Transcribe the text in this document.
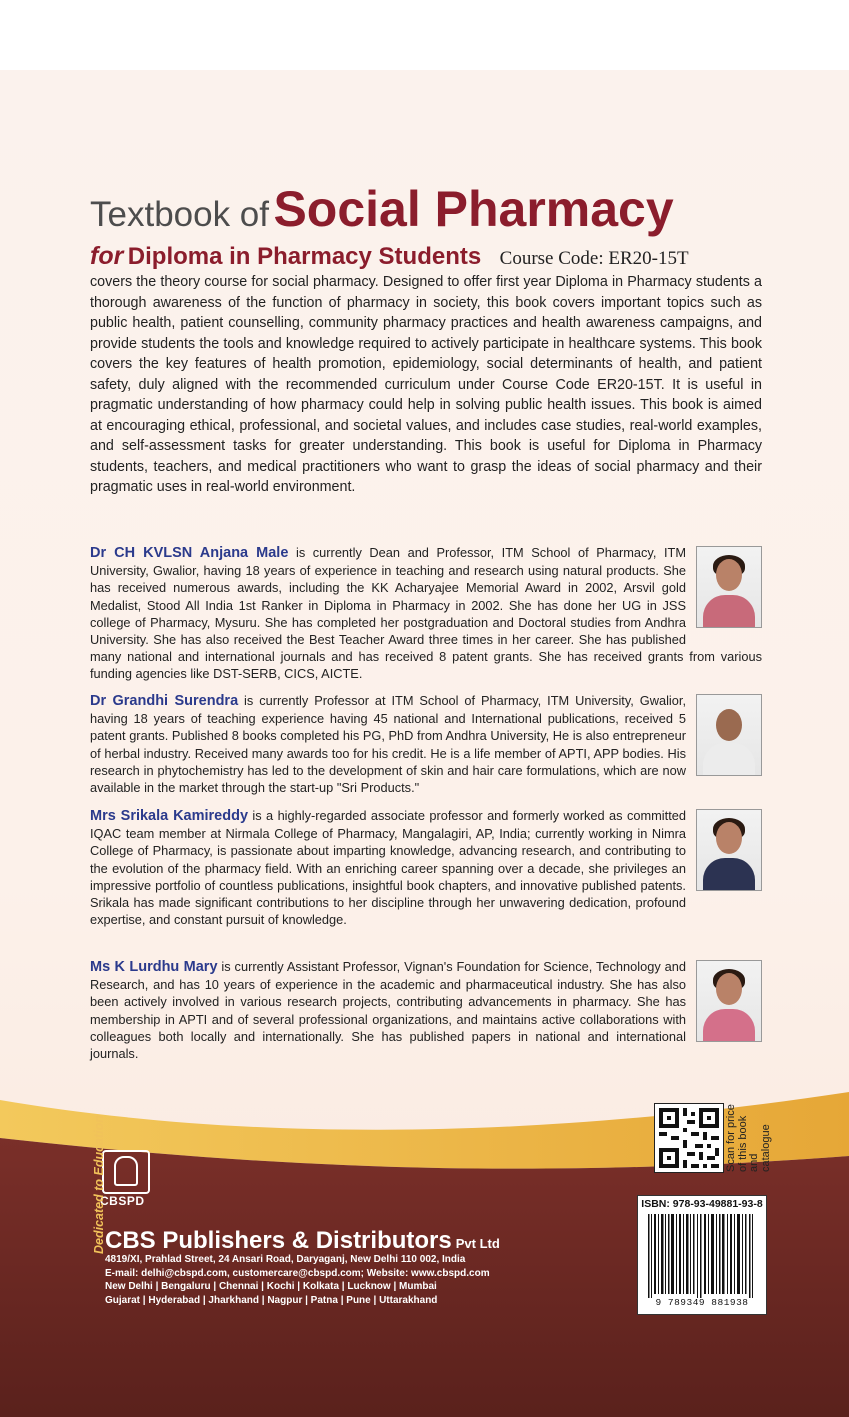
Textbook of Social Pharmacy
for Diploma in Pharmacy Students Course Code: ER20-15T

covers the theory course for social pharmacy. Designed to offer first year Diploma in Pharmacy students a thorough awareness of the function of pharmacy in society, this book covers important topics such as public health, patient counselling, community pharmacy practices and health awareness campaigns, and provide students the tools and knowledge required to actively participate in healthcare systems. This book covers the key features of health promotion, epidemiology, social determinants of health, and patient safety, duly aligned with the recommended curriculum under Course Code ER20-15T. It is useful in pragmatic understanding of how pharmacy could help in solving public health issues. This book is aimed at encouraging ethical, professional, and societal values, and includes case studies, real-world examples, and self-assessment tasks for greater understanding. This book is useful for Diploma in Pharmacy students, teachers, and medical practitioners who want to grasp the ideas of social pharmacy and their pragmatic uses in real-world environment.

Dr CH KVLSN Anjana Male is currently Dean and Professor, ITM School of Pharmacy, ITM University, Gwalior, having 18 years of experience in teaching and research using natural products. She has received numerous awards, including the KK Acharyajee Memorial Award in 2002, Arsvil gold Medalist, Stood All India 1st Ranker in Diploma in Pharmacy in 2002. She has done her UG in JSS college of Pharmacy, Mysuru. She has completed her postgraduation and Doctoral studies from Andhra University. She has also received the Best Teacher Award three times in her career. She has published many national and international journals and has received 8 patent grants. She has received grants from various funding agencies like DST-SERB, CICS, AICTE.

Dr Grandhi Surendra is currently Professor at ITM School of Pharmacy, ITM University, Gwalior, having 18 years of teaching experience having 45 national and International publications, received 5 patent grants. Published 8 books completed his PG, PhD from Andhra University, He is also entrepreneur of herbal industry. Received many awards too for his credit. He is a life member of APTI, APP bodies. His research in phytochemistry has led to the development of skin and hair care formulations, which are now available in the market through the start-up "Sri Products."

Mrs Srikala Kamireddy is a highly-regarded associate professor and formerly worked as committed IQAC team member at Nirmala College of Pharmacy, Mangalagiri, AP, India; currently working in Nimra College of Pharmacy, is passionate about imparting knowledge, advancing research, and contributing to the evolution of the pharmacy field. With an enriching career spanning over a decade, she privileges an impressive portfolio of countless publications, insightful book chapters, and innovative published patents. Srikala has made significant contributions to her discipline through her unwavering dedication, profound expertise, and constant pursuit of knowledge.

Ms K Lurdhu Mary is currently Assistant Professor, Vignan's Foundation for Science, Technology and Research, and has 10 years of experience in the academic and pharmaceutical industry. She has also been actively involved in various research projects, contributing advancements in pharmacy. She has membership in APTI and of several professional organizations, and maintains active collaborations with colleagues both locally and internationally. She has published papers in national and international journals.

CBSPD
Dedicated to Education CBS Publishers & Distributors Pvt Ltd
4819/XI, Prahlad Street, 24 Ansari Road, Daryaganj, New Delhi 110 002, India
E-mail: delhi@cbspd.com, customercare@cbspd.com; Website: www.cbspd.com
New Delhi | Bengaluru | Chennai | Kochi | Kolkata | Lucknow | Mumbai
Gujarat | Hyderabad | Jharkhand | Nagpur | Patna | Pune | Uttarakhand
Scan for price of this book and catalogue
ISBN: 978-93-49881-93-8
9 789349 881938
